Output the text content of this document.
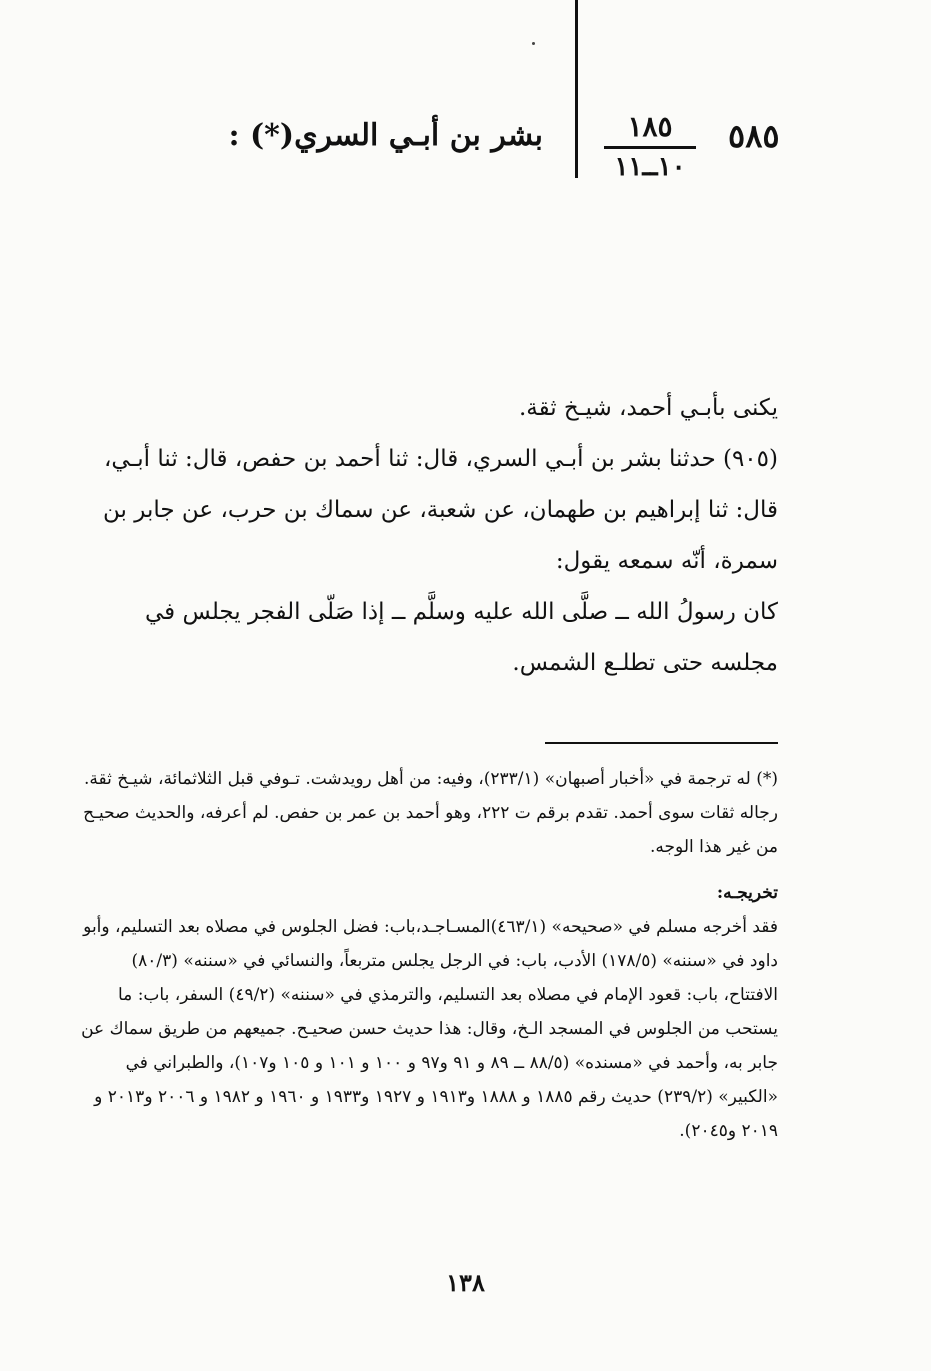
٥٨٥
١٨٥
١٠ــ١١
بشر بن أبـي السري(*) :

يكنى بأبـي أحمد، شيـخ ثقة.

(٩٠٥) حدثنا بشر بن أبـي السري، قال: ثنا أحمد بن حفص، قال: ثنا أبـي، قال: ثنا إبراهيم بن طهمان، عن شعبة، عن سماك بن حرب، عن جابر بن سمرة، أنّه سمعه يقول:

كان رسولُ الله ــ صلَّى الله عليه وسلَّم ــ إذا صَلّى الفجر يجلس في مجلسه حتى تطلـع الشمس.

(*) له ترجمة في «أخبار أصبهان» (٢٣٣/١)، وفيه: من أهل رويدشت. تـوفي قبل الثلاثمائة، شيـخ ثقة.

رجاله ثقات سوى أحمد. تقدم برقم ت ٢٢٢، وهو أحمد بن عمر بن حفص. لم أعرفه، والحديث صحيـح من غير هذا الوجه.

تخريجـه:

فقد أخرجه مسلم في «صحيحه» (٤٦٣/١)المسـاجـد،باب: فضل الجلوس في مصلاه بعد التسليم، وأبو داود في «سننه» (١٧٨/٥) الأدب، باب: في الرجل يجلس متربعاً، والنسائي في «سننه» (٨٠/٣) الافتتاح، باب: قعود الإمام في مصلاه بعد التسليم، والترمذي في «سننه» (٤٩/٢) السفر، باب: ما يستحب من الجلوس في المسجد الـخ، وقال: هذا حديث حسن صحيـح. جميعهم من طريق سماك عن جابر به، وأحمد في «مسنده» (٨٨/٥ ــ ٨٩ و ٩١ و٩٧ و ١٠٠ و ١٠١ و ١٠٥ و١٠٧)، والطبراني في «الكبير» (٢٣٩/٢) حديث رقم ١٨٨٥ و ١٨٨٨ و١٩١٣ و ١٩٢٧ و١٩٣٣ و ١٩٦٠ و ١٩٨٢ و ٢٠٠٦ و٢٠١٣ و ٢٠١٩ و٢٠٤٥).

١٣٨
